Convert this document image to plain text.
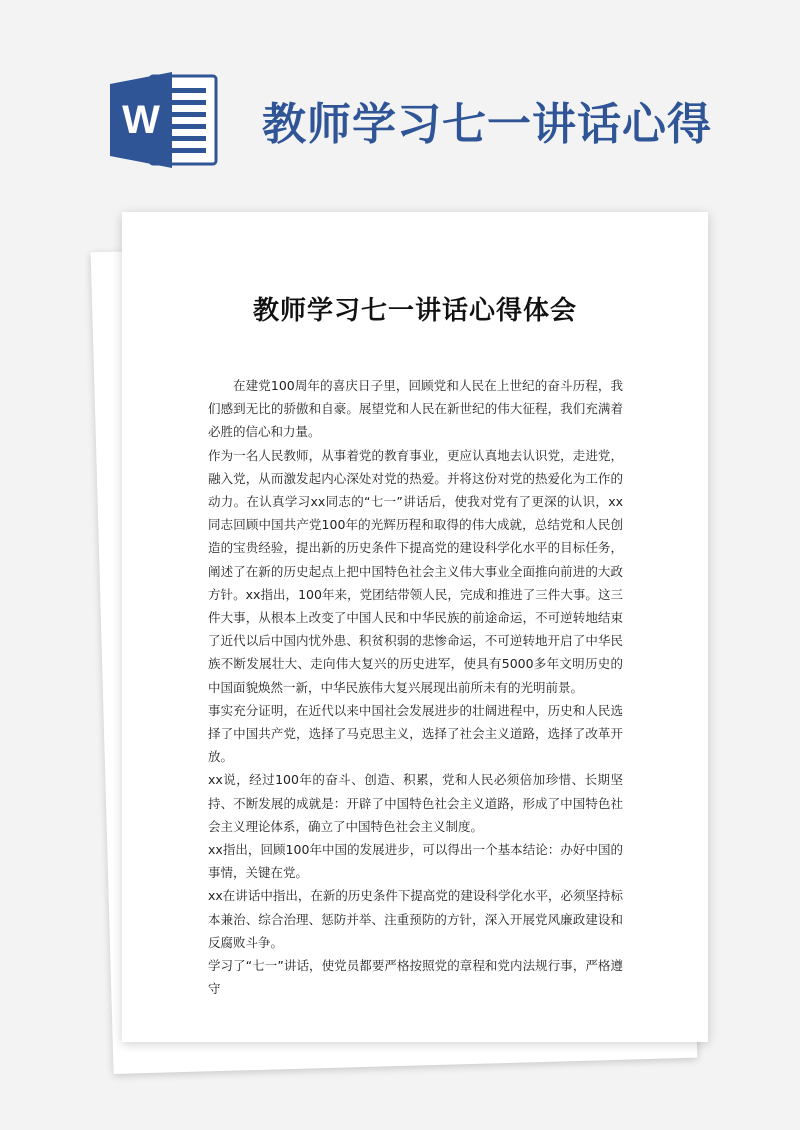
W 教师学习七一讲话心得

教师学习七一讲话心得体会

在建党100周年的喜庆日子里，回顾党和人民在上世纪的奋斗历程，我们感到无比的骄傲和自豪。展望党和人民在新世纪的伟大征程，我们充满着必胜的信心和力量。

作为一名人民教师，从事着党的教育事业，更应认真地去认识党，走进党，融入党，从而激发起内心深处对党的热爱。并将这份对党的热爱化为工作的动力。在认真学习xx同志的“七一”讲话后，使我对党有了更深的认识，xx同志回顾中国共产党100年的光辉历程和取得的伟大成就，总结党和人民创造的宝贵经验，提出新的历史条件下提高党的建设科学化水平的目标任务，阐述了在新的历史起点上把中国特色社会主义伟大事业全面推向前进的大政方针。xx指出，100年来，党团结带领人民，完成和推进了三件大事。这三件大事，从根本上改变了中国人民和中华民族的前途命运，不可逆转地结束了近代以后中国内忧外患、积贫积弱的悲惨命运，不可逆转地开启了中华民族不断发展壮大、走向伟大复兴的历史进军，使具有5000多年文明历史的中国面貌焕然一新，中华民族伟大复兴展现出前所未有的光明前景。

事实充分证明，在近代以来中国社会发展进步的壮阔进程中，历史和人民选择了中国共产党，选择了马克思主义，选择了社会主义道路，选择了改革开放。

xx说，经过100年的奋斗、创造、积累，党和人民必须倍加珍惜、长期坚持、不断发展的成就是：开辟了中国特色社会主义道路，形成了中国特色社会主义理论体系，确立了中国特色社会主义制度。

xx指出，回顾100年中国的发展进步，可以得出一个基本结论：办好中国的事情，关键在党。

xx在讲话中指出，在新的历史条件下提高党的建设科学化水平，必须坚持标本兼治、综合治理、惩防并举、注重预防的方针，深入开展党风廉政建设和反腐败斗争。

学习了“七一”讲话，使党员都要严格按照党的章程和党内法规行事，严格遵守
